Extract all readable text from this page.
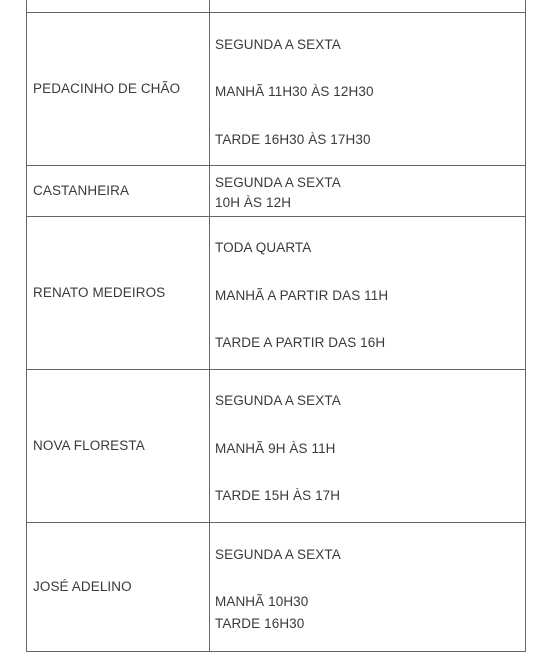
PEDACINHO DE CHÃO	SEGUNDA A SEXTA
MANHÃ 11H30 ÀS 12H30
TARDE 16H30 ÀS 17H30

CASTANHEIRA	SEGUNDA A SEXTA
10H ÀS 12H

RENATO MEDEIROS	TODA QUARTA
MANHÃ A PARTIR DAS 11H
TARDE A PARTIR DAS 16H

NOVA FLORESTA	SEGUNDA A SEXTA
MANHÃ 9H ÀS 11H
TARDE 15H ÀS 17H

JOSÉ ADELINO	SEGUNDA A SEXTA
MANHÃ 10H30
TARDE 16H30
